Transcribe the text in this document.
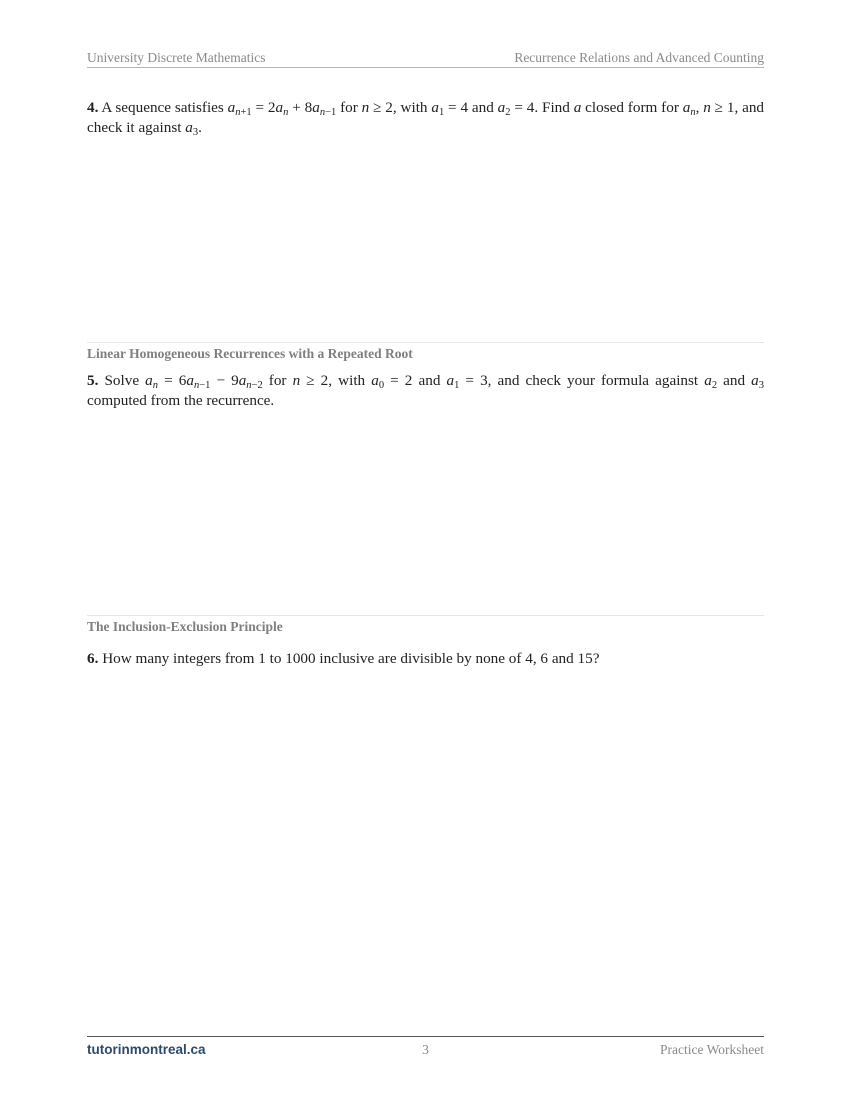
University Discrete Mathematics	Recurrence Relations and Advanced Counting
4. A sequence satisfies $a_{n+1} = 2a_n + 8a_{n-1}$ for n ≥ 2, with $a_1 = 4$ and $a_2 = 4$. Find a closed form for $a_n$, n ≥ 1, and check it against $a_3$.
Linear Homogeneous Recurrences with a Repeated Root
5. Solve $a_n = 6a_{n-1} - 9a_{n-2}$ for n ≥ 2, with $a_0 = 2$ and $a_1 = 3$, and check your formula against $a_2$ and $a_3$ computed from the recurrence.
The Inclusion-Exclusion Principle
6. How many integers from 1 to 1000 inclusive are divisible by none of 4, 6 and 15?
tutorinmontreal.ca	3	Practice Worksheet
